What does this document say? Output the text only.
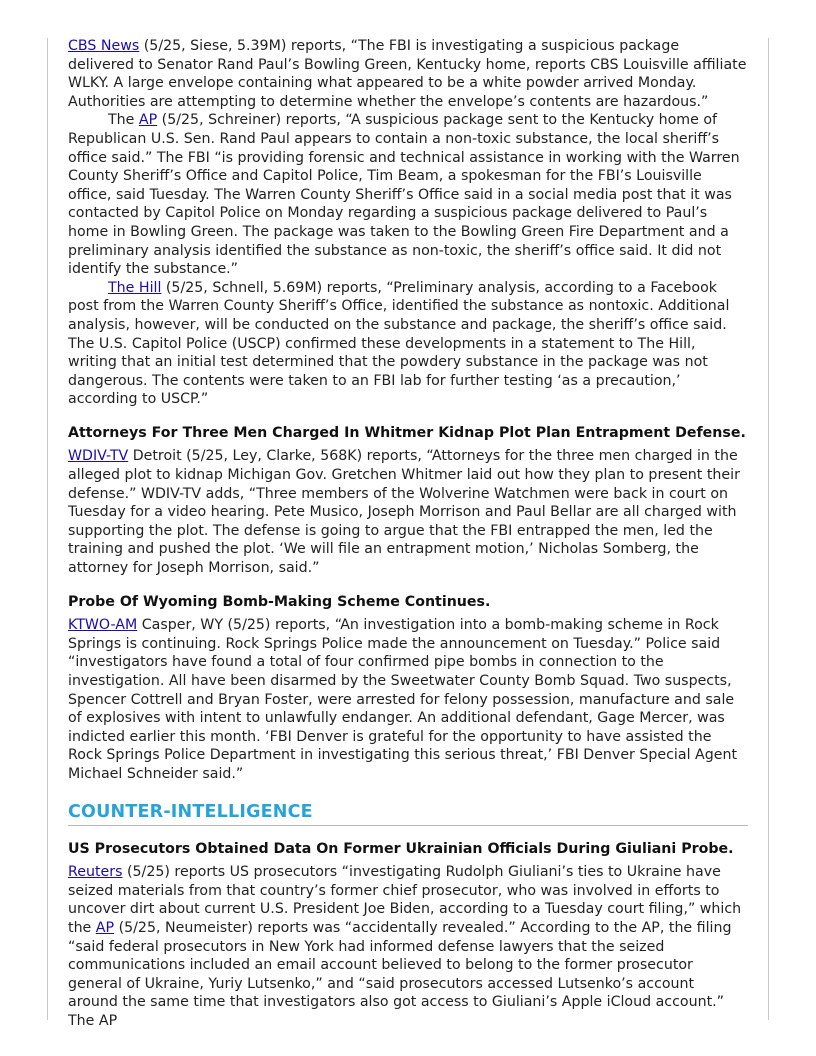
CBS News (5/25, Siese, 5.39M) reports, “The FBI is investigating a suspicious package delivered to Senator Rand Paul’s Bowling Green, Kentucky home, reports CBS Louisville affiliate WLKY. A large envelope containing what appeared to be a white powder arrived Monday. Authorities are attempting to determine whether the envelope’s contents are hazardous.”

The AP (5/25, Schreiner) reports, “A suspicious package sent to the Kentucky home of Republican U.S. Sen. Rand Paul appears to contain a non-toxic substance, the local sheriff’s office said.” The FBI “is providing forensic and technical assistance in working with the Warren County Sheriff’s Office and Capitol Police, Tim Beam, a spokesman for the FBI’s Louisville office, said Tuesday. The Warren County Sheriff’s Office said in a social media post that it was contacted by Capitol Police on Monday regarding a suspicious package delivered to Paul’s home in Bowling Green. The package was taken to the Bowling Green Fire Department and a preliminary analysis identified the substance as non-toxic, the sheriff’s office said. It did not identify the substance.”

The Hill (5/25, Schnell, 5.69M) reports, “Preliminary analysis, according to a Facebook post from the Warren County Sheriff’s Office, identified the substance as nontoxic. Additional analysis, however, will be conducted on the substance and package, the sheriff’s office said. The U.S. Capitol Police (USCP) confirmed these developments in a statement to The Hill, writing that an initial test determined that the powdery substance in the package was not dangerous. The contents were taken to an FBI lab for further testing ‘as a precaution,’ according to USCP.”

Attorneys For Three Men Charged In Whitmer Kidnap Plot Plan Entrapment Defense.

WDIV-TV Detroit (5/25, Ley, Clarke, 568K) reports, “Attorneys for the three men charged in the alleged plot to kidnap Michigan Gov. Gretchen Whitmer laid out how they plan to present their defense.” WDIV-TV adds, “Three members of the Wolverine Watchmen were back in court on Tuesday for a video hearing. Pete Musico, Joseph Morrison and Paul Bellar are all charged with supporting the plot. The defense is going to argue that the FBI entrapped the men, led the training and pushed the plot. ‘We will file an entrapment motion,’ Nicholas Somberg, the attorney for Joseph Morrison, said.”

Probe Of Wyoming Bomb-Making Scheme Continues.

KTWO-AM Casper, WY (5/25) reports, “An investigation into a bomb-making scheme in Rock Springs is continuing. Rock Springs Police made the announcement on Tuesday.” Police said “investigators have found a total of four confirmed pipe bombs in connection to the investigation. All have been disarmed by the Sweetwater County Bomb Squad. Two suspects, Spencer Cottrell and Bryan Foster, were arrested for felony possession, manufacture and sale of explosives with intent to unlawfully endanger. An additional defendant, Gage Mercer, was indicted earlier this month. ‘FBI Denver is grateful for the opportunity to have assisted the Rock Springs Police Department in investigating this serious threat,’ FBI Denver Special Agent Michael Schneider said.”

COUNTER-INTELLIGENCE
US Prosecutors Obtained Data On Former Ukrainian Officials During Giuliani Probe.

Reuters (5/25) reports US prosecutors “investigating Rudolph Giuliani’s ties to Ukraine have seized materials from that country’s former chief prosecutor, who was involved in efforts to uncover dirt about current U.S. President Joe Biden, according to a Tuesday court filing,” which the AP (5/25, Neumeister) reports was “accidentally revealed.” According to the AP, the filing “said federal prosecutors in New York had informed defense lawyers that the seized communications included an email account believed to belong to the former prosecutor general of Ukraine, Yuriy Lutsenko,” and “said prosecutors accessed Lutsenko’s account around the same time that investigators also got access to Giuliani’s Apple iCloud account.” The AP
